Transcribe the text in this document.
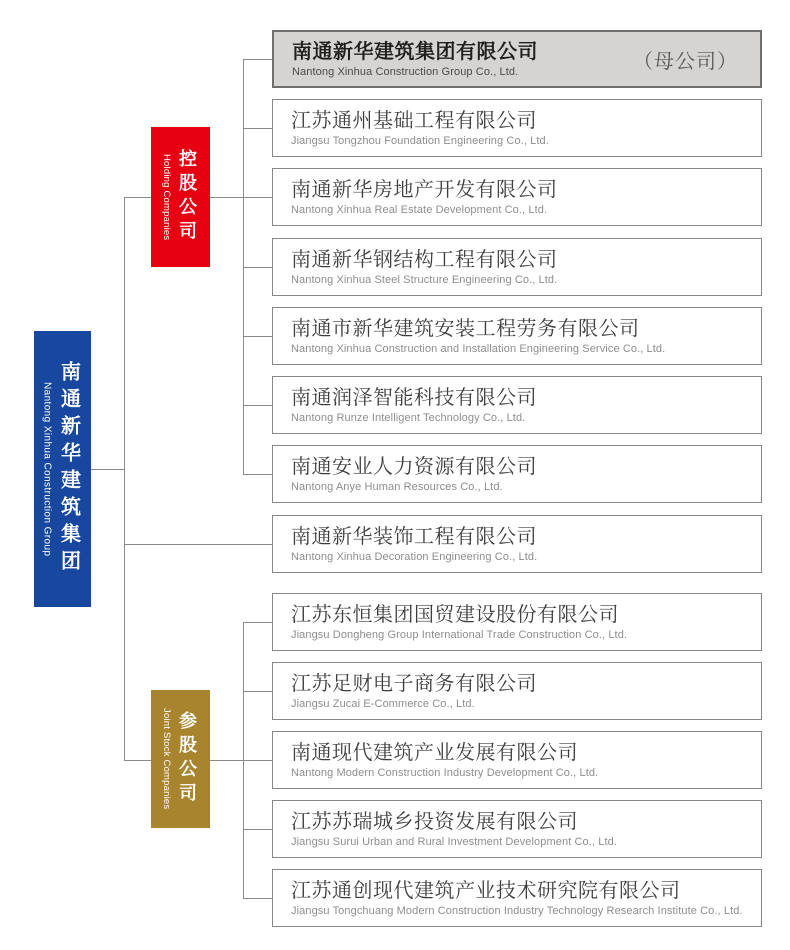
南通新华建筑集团
Nantong Xinhua Construction Group
控股公司
Holding Companies
参股公司
Joint Stock Companies
南通新华建筑集团有限公司
Nantong Xinhua Construction Group Co., Ltd.	（母公司）
江苏通州基础工程有限公司
Jiangsu Tongzhou Foundation Engineering Co., Ltd.
南通新华房地产开发有限公司
Nantong Xinhua Real Estate Development Co., Ltd.
南通新华钢结构工程有限公司
Nantong Xinhua Steel Structure Engineering Co., Ltd.
南通市新华建筑安装工程劳务有限公司
Nantong Xinhua Construction and Installation Engineering Service Co., Ltd.
南通润泽智能科技有限公司
Nantong Runze Intelligent Technology Co., Ltd.
南通安业人力资源有限公司
Nantong Anye Human Resources Co., Ltd.
南通新华装饰工程有限公司
Nantong Xinhua Decoration Engineering Co., Ltd.
江苏东恒集团国贸建设股份有限公司
Jiangsu Dongheng Group International Trade Construction Co., Ltd.
江苏足财电子商务有限公司
Jiangsu Zucai E-Commerce Co., Ltd.
南通现代建筑产业发展有限公司
Nantong Modern Construction Industry Development Co., Ltd.
江苏苏瑞城乡投资发展有限公司
Jiangsu Surui Urban and Rural Investment Development Co., Ltd.
江苏通创现代建筑产业技术研究院有限公司
Jiangsu Tongchuang Modern Construction Industry Technology Research Institute Co., Ltd.
